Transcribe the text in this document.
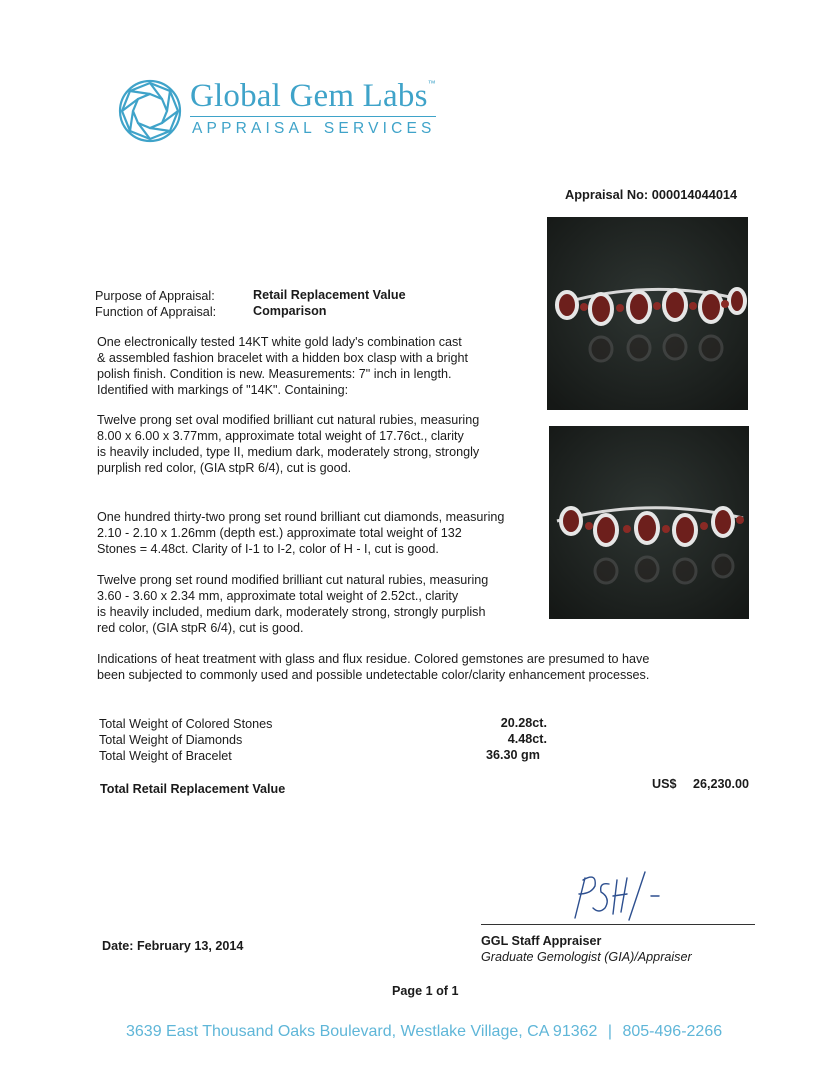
Global Gem Labs™
APPRAISAL SERVICES
Appraisal No: 000014044014
Purpose of Appraisal:	Retail Replacement Value
Function of Appraisal:	Comparison
One electronically tested 14KT white gold lady's combination cast
& assembled fashion bracelet with a hidden box clasp with a bright
polish finish. Condition is new. Measurements: 7" inch in length.
Identified with markings of "14K". Containing:
Twelve prong set oval modified brilliant cut natural rubies, measuring
8.00 x 6.00 x 3.77mm, approximate total weight of 17.76ct., clarity
is heavily included, type II, medium dark, moderately strong, strongly
purplish red color, (GIA stpR 6/4), cut is good.
One hundred thirty-two prong set round brilliant cut diamonds, measuring
2.10 - 2.10 x 1.26mm (depth est.) approximate total weight of 132
Stones = 4.48ct. Clarity of I-1 to I-2, color of H - I, cut is good.
Twelve prong set round modified brilliant cut natural rubies, measuring
3.60 - 3.60 x 2.34 mm, approximate total weight of 2.52ct., clarity
is heavily included, medium dark, moderately strong, strongly purplish
red color, (GIA stpR 6/4), cut is good.
Indications of heat treatment with glass and flux residue. Colored gemstones are presumed to have
been subjected to commonly used and possible undetectable color/clarity enhancement processes.
Total Weight of Colored Stones	20.28ct.
Total Weight of Diamonds	4.48ct.
Total Weight of Bracelet	36.30 gm
Total Retail Replacement Value	US$ 26,230.00
Date: February 13, 2014	GGL Staff Appraiser
Graduate Gemologist (GIA)/Appraiser
Page 1 of 1
3639 East Thousand Oaks Boulevard, Westlake Village, CA 91362 | 805-496-2266
